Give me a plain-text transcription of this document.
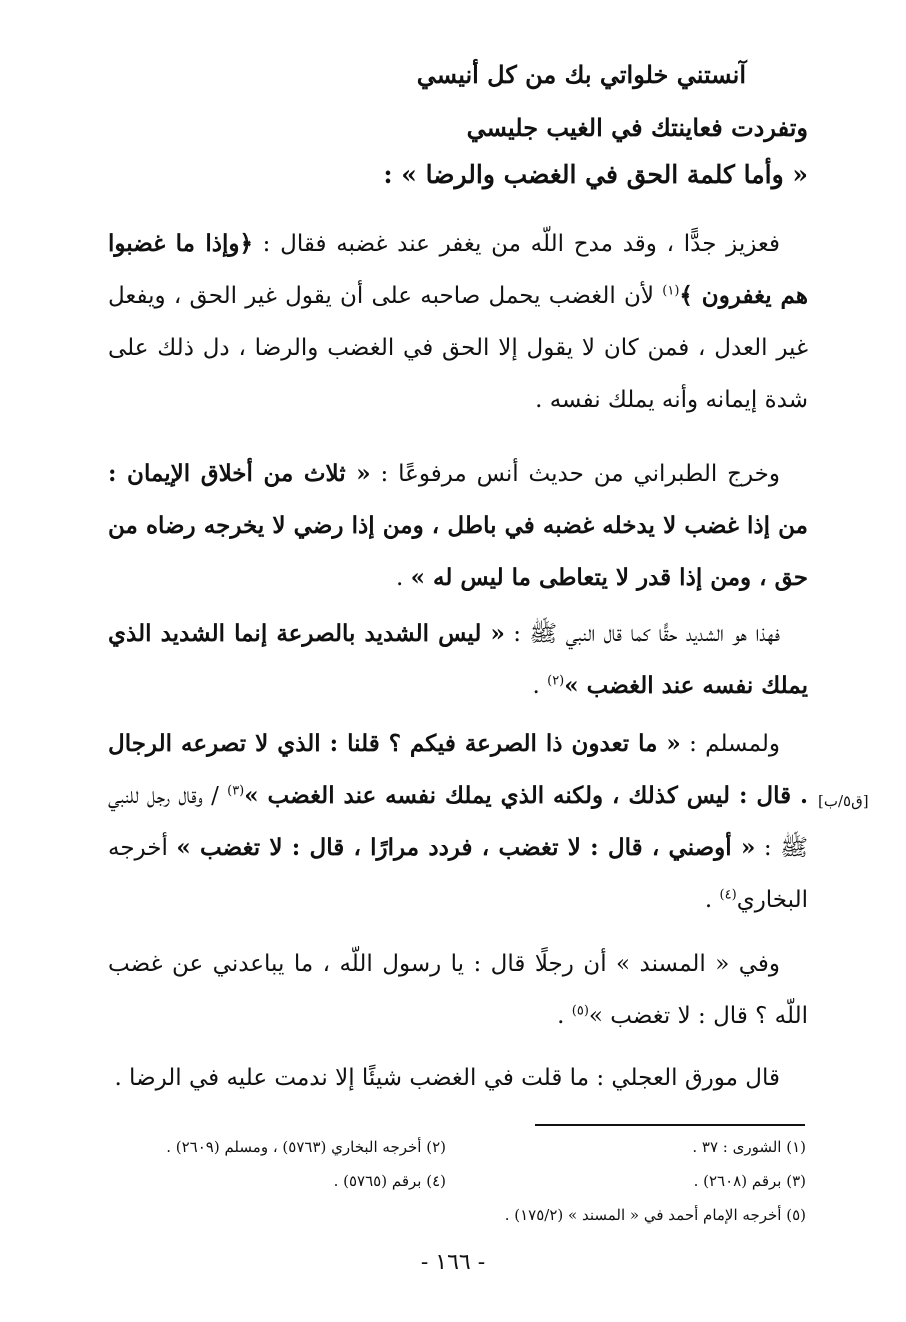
آنستني خلواتي بك من كل أنيسي
وتفردت فعاينتك في الغيب جليسي
« وأما كلمة الحق في الغضب والرضا » :
فعزيز جدًّا ، وقد مدح اللّه من يغفر عند غضبه فقال : ﴿وإذا ما غضبوا هم يغفرون ﴾$^{(١)}$ لأن الغضب يحمل صاحبه على أن يقول غير الحق ، ويفعل غير العدل ، فمن كان لا يقول إلا الحق في الغضب والرضا ، دل ذلك على شدة إيمانه وأنه يملك نفسه .
وخرج الطبراني من حديث أنس مرفوعًا : « ثلاث من أخلاق الإيمان : من إذا غضب لا يدخله غضبه في باطل ، ومن إذا رضي لا يخرجه رضاه من حق ، ومن إذا قدر لا يتعاطى ما ليس له » .
فهذا هو الشديد حقًّا كما قال النبي ﷺ : « ليس الشديد بالصرعة إنما الشديد الذي يملك نفسه عند الغضب »$^{(٢)}$ .
ولمسلم : « ما تعدون ذا الصرعة فيكم ؟ قلنا : الذي لا تصرعه الرجال . قال : ليس كذلك ، ولكنه الذي يملك نفسه عند الغضب »$^{(٣)}$ / وقال رجل للنبي ﷺ : « أوصني ، قال : لا تغضب ، فردد مرارًا ، قال : لا تغضب » أخرجه البخاري$^{(٤)}$ .
[ق٥/ب]
وفي « المسند » أن رجلًا قال : يا رسول اللّه ، ما يباعدني عن غضب اللّه ؟ قال : لا تغضب »$^{(٥)}$ .
قال مورق العجلي : ما قلت في الغضب شيئًا إلا ندمت عليه في الرضا .
(١) الشورى : ٣٧ .
(٢) أخرجه البخاري (٥٧٦٣) ، ومسلم (٢٦٠٩) .
(٣) برقم (٢٦٠٨) .
(٤) برقم (٥٧٦٥) .
(٥) أخرجه الإمام أحمد في « المسند » (١٧٥/٢) .
- ١٦٦ -
